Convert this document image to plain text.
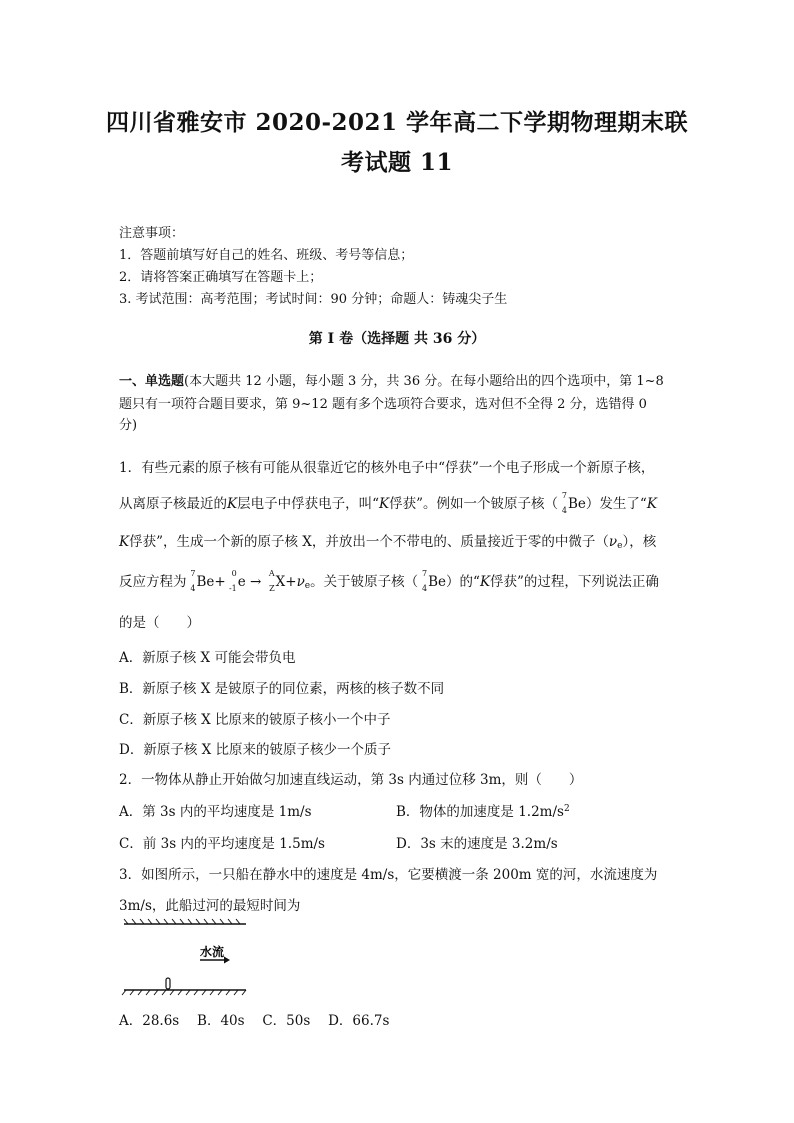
四川省雅安市 2020-2021 学年高二下学期物理期末联
考试题 11
注意事项：
1．答题前填写好自己的姓名、班级、考号等信息；
2．请将答案正确填写在答题卡上；
3. 考试范围：高考范围；考试时间：90 分钟；命题人：铸魂尖子生
第 I 卷（选择题 共 36 分）
一、单选题(本大题共 12 小题，每小题 3 分，共 36 分。在每小题给出的四个选项中，第 1~8
题只有一项符合题目要求，第 9~12 题有多个选项符合要求，选对但不全得 2 分，选错得 0
分)
1．有些元素的原子核有可能从很靠近它的核外电子中“俘获”一个电子形成一个新原子核，
从离原子核最近的K层电子中俘获电子，叫“K俘获”。例如一个铍原子核（
7
4 Be）发生了“K
K俘获”，生成一个新的原子核 X，并放出一个不带电的、质量接近于零的中微子（νe），核
反应方程为
7
4 Be+
0
-1 e →
A
Z X+νe。关于铍原子核（
7
4 Be）的“K俘获”的过程，下列说法正确
的是（　　）
A．新原子核 X 可能会带负电
B．新原子核 X 是铍原子的同位素，两核的核子数不同
C．新原子核 X 比原来的铍原子核小一个中子
D．新原子核 X 比原来的铍原子核少一个质子
2．一物体从静止开始做匀加速直线运动，第 3s 内通过位移 3m，则（　　）
A．第 3s 内的平均速度是 1m/s	B．物体的加速度是 $1.2m/s^2$
C．前 3s 内的平均速度是 1.5m/s	D．3s 末的速度是 3.2m/s
3．如图所示，一只船在静水中的速度是 4m/s，它要横渡一条 200m 宽的河，水流速度为
3m/s，此船过河的最短时间为
水流
A．28.6s　 B．40s　 C．50s　 D．66.7s
